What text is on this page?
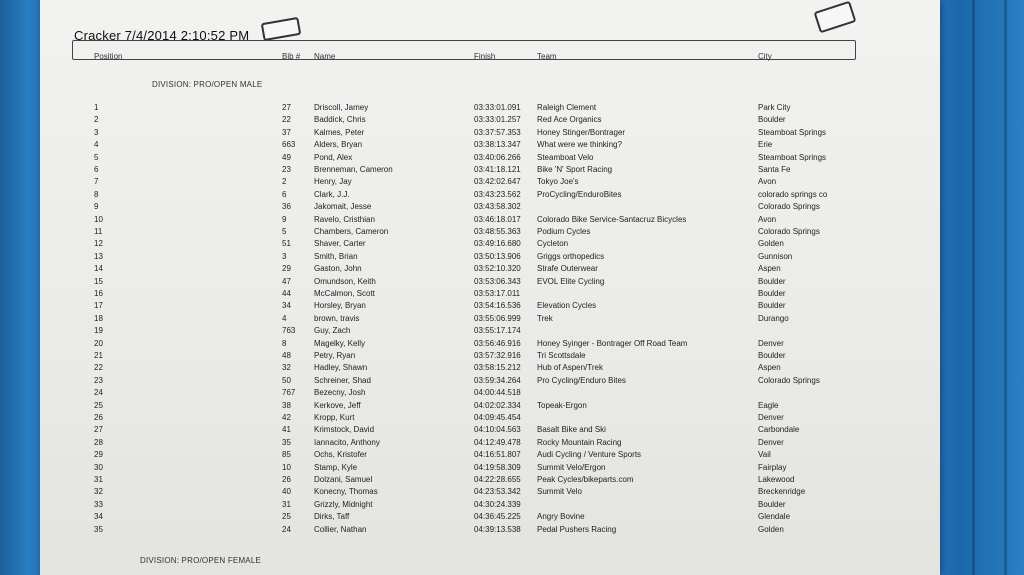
Cracker 7/4/2014 2:10:52 PM
Position	Bib # Name	Finish	Team	City
DIVISION: PRO/OPEN MALE
1	27	Driscoll, Jamey	03:33:01.091 Raleigh Clement	Park City
2	22	Baddick, Chris	03:33:01.257 Red Ace Organics	Boulder
3	37	Kalmes, Peter	03:37:57.353 Honey Stinger/Bontrager	Steamboat Springs
4	663 Alders, Bryan	03:38:13.347 What were we thinking?	Erie
5	49	Pond, Alex	03:40:06.266 Steamboat Velo	Steamboat Springs
6	23	Brenneman, Cameron	03:41:18.121 Bike 'N' Sport Racing	Santa Fe
7	2	Henry, Jay	03:42:02.647 Tokyo Joe's	Avon
8	6	Clark, J.J.	03:43:23.562 ProCycling/EnduroBites	colorado springs co
9	36	Jakomait, Jesse	03:43:58.302	Colorado Springs
10	9	Ravelo, Cristhian	03:46:18.017 Colorado Bike Service-Santacruz Bicycles	Avon
11	5	Chambers, Cameron	03:48:55.363 Podium Cycles	Colorado Springs
12	51	Shaver, Carter	03:49:16.680 Cycleton	Golden
13	3	Smith, Brian	03:50:13.906 Griggs orthopedics	Gunnison
14	29	Gaston, John	03:52:10.320 Strafe Outerwear	Aspen
15	47	Omundson, Keith	03:53:06.343 EVOL Elite Cycling	Boulder
16	44	McCalmon, Scott	03:53:17.011	Boulder
17	34	Horsley, Bryan	03:54:16.536 Elevation Cycles	Boulder
18	4	brown, travis	03:55:06.999 Trek	Durango
19	763 Guy, Zach	03:55:17.174
20	8	Magelky, Kelly	03:56:46.916 Honey Syinger - Bontrager Off Road Team	Denver
21	48	Petry, Ryan	03:57:32.916 Tri Scottsdale	Boulder
22	32	Hadley, Shawn	03:58:15.212 Hub of Aspen/Trek	Aspen
23	50	Schreiner, Shad	03:59:34.264 Pro Cycling/Enduro Bites	Colorado Springs
24	767 Bezecny, Josh	04:00:44.518
25	38	Kerkove, Jeff	04:02:02.334 Topeak-Ergon	Eagle
26	42	Kropp, Kurt	04:09:45.454	Denver
27	41	Krimstock, David	04:10:04.563 Basalt Bike and Ski	Carbondale
28	35	Iannacito, Anthony	04:12:49.478 Rocky Mountain Racing	Denver
29	85	Ochs, Kristofer	04:16:51.807 Audi Cycling / Venture Sports	Vail
30	10	Stamp, Kyle	04:19:58.309 Summit Velo/Ergon	Fairplay
31	26	Dolzani, Samuel	04:22:28.655 Peak Cycles/bikeparts.com	Lakewood
32	40	Konecny, Thomas	04:23:53.342 Summit Velo	Breckenridge
33	31	Grizzly, Midnight	04:30:24.339	Boulder
34	25	Dirks, Taff	04:36:45.225 Angry Bovine	Glendale
35	24	Collier, Nathan	04:39:13.538 Pedal Pushers Racing	Golden
DIVISION: PRO/OPEN FEMALE
